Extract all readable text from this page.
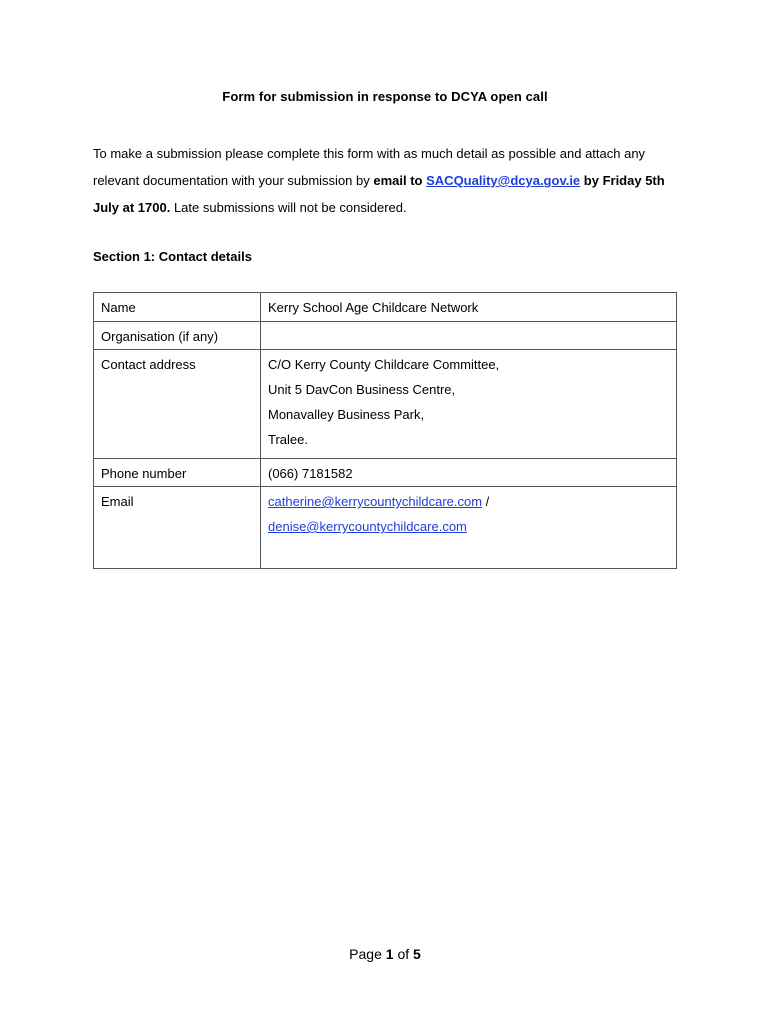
Form for submission in response to DCYA open call
To make a submission please complete this form with as much detail as possible and attach any relevant documentation with your submission by email to SACQuality@dcya.gov.ie by Friday 5th July at 1700. Late submissions will not be considered.
Section 1: Contact details
Name	Kerry School Age Childcare Network
Organisation (if any)	
Contact address	C/O Kerry County Childcare Committee,
Unit 5 DavCon Business Centre,
Monavalley Business Park,
Tralee.

Phone number	(066) 7181582
Email	catherine@kerrycountychildcare.com /
denise@kerrycountychildcare.com
Page 1 of 5
